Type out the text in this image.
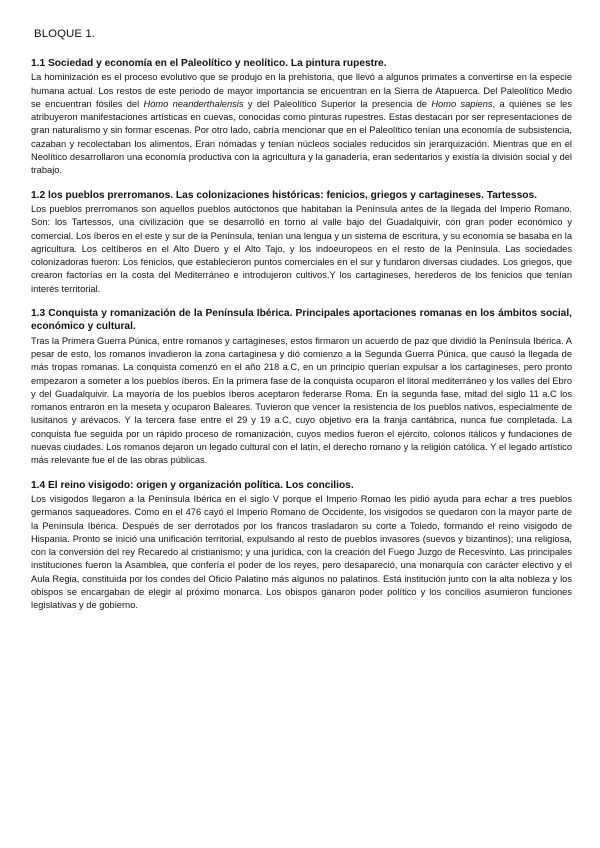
BLOQUE 1.
1.1 Sociedad y economía en el Paleolítico y neolítico. La pintura rupestre.

La hominización es el proceso evolutivo que se produjo en la prehistoria, que llevó a algunos primates a convertirse en la especie humana actual. Los restos de este periodo de mayor importancia se encuentran en la Sierra de Atapuerca. Del Paleolítico Medio se encuentran fósiles del Homo neanderthalensis y del Paleolítico Superior la presencia de Homo sapiens, a quiénes se les atribuyeron manifestaciones artísticas en cuevas, conocidas como pinturas rupestres. Estas destacan por ser representaciones de gran naturalismo y sin formar escenas. Por otro lado, cabría mencionar que en el Paleolítico tenían una economía de subsistencia, cazaban y recolectaban los alimentos. Eran nómadas y tenían núcleos sociales reducidos sin jerarquización. Mientras que en el Neolítico desarrollaron una economía productiva con la agricultura y la ganadería, eran sedentarios y existía la división social y del trabajo.

1.2 los pueblos prerromanos. Las colonizaciones históricas: fenicios, griegos y cartagineses. Tartessos.

Los pueblos prerromanos son aquellos pueblos autóctonos que habitaban la Península antes de la llegada del Imperio Romano. Son: los Tartessos, una civilización que se desarrolló en torno al valle bajo del Guadalquivir, con gran poder económico y comercial. Los íberos en el este y sur de la Península, tenían una lengua y un sistema de escritura, y su economía se basaba en la agricultura. Los celtíberos en el Alto Duero y el Alto Tajo, y los indoeuropeos en el resto de la Península. Las sociedades colonizadoras fueron: Los fenicios, que establecieron puntos comerciales en el sur y fundaron diversas ciudades. Los griegos, que crearon factorías en la costa del Mediterráneo e introdujeron cultivos.Y los cartagineses, herederos de los fenicios que tenían interés territorial.

1.3 Conquista y romanización de la Península Ibérica. Principales aportaciones romanas en los ámbitos social, económico y cultural.

Tras la Primera Guerra Púnica, entre romanos y cartagineses, estos firmaron un acuerdo de paz que dividió la Península Ibérica. A pesar de esto, los romanos invadieron la zona cartaginesa y dió comienzo a la Segunda Guerra Púnica, que causó la llegada de más tropas romanas. La conquista comenzó en el año 218 a.C, en un principio querían expulsar a los cartagineses, pero pronto empezaron a someter a los pueblos íberos. En la primera fase de la conquista ocuparon el litoral mediterráneo y los valles del Ebro y del Guadalquivir. La mayoría de los pueblos íberos aceptaron federarse Roma. En la segunda fase, mitad del siglo 11 a.C los romanos entraron en la meseta y ocuparon Baleares. Tuvieron que vencer la resistencia de los pueblos nativos, especialmente de lusitanos y arévacos. Y la tercera fase entre el 29 y 19 a.C, cuyo objetivo era la franja cantábrica, nunca fue completada. La conquista fue seguida por un rápido proceso de romanización, cuyos medios fueron el ejército, colonos itálicos y fundaciones de nuevas ciudades. Los romanos dejaron un legado cultural con el latín, el derecho romano y la religión católica. Y el legado artístico más relevante fue el de las obras públicas.

1.4 El reino visigodo: origen y organización política. Los concilios.

Los visigodos llegaron a la Península Ibérica en el siglo V porque el Imperio Romao les pidió ayuda para echar a tres pueblos germanos saqueadores. Como en el 476 cayó el Imperio Romano de Occidente, los visigodos se quedaron con la mayor parte de la Península Ibérica. Después de ser derrotados por los francos trasladaron su corte a Toledo, formando el reino visigodo de Hispania. Pronto se inició una unificación territorial, expulsando al resto de pueblos invasores (suevos y bizantinos); una religiosa, con la conversión del rey Recaredo al cristianismo; y una jurídica, con la creación del Fuego Juzgo de Recesvinto. Las principales instituciones fueron la Asamblea, que confería el poder de los reyes, pero desapareció, una monarquía con carácter electivo y el Aula Regia, constituida por los condes del Oficio Palatino más algunos no palatinos. Está institución junto con la alta nobleza y los obispos se encargaban de elegir al próximo monarca. Los obispos ganaron poder político y los concilios asumieron funciones legislativas y de gobierno.
